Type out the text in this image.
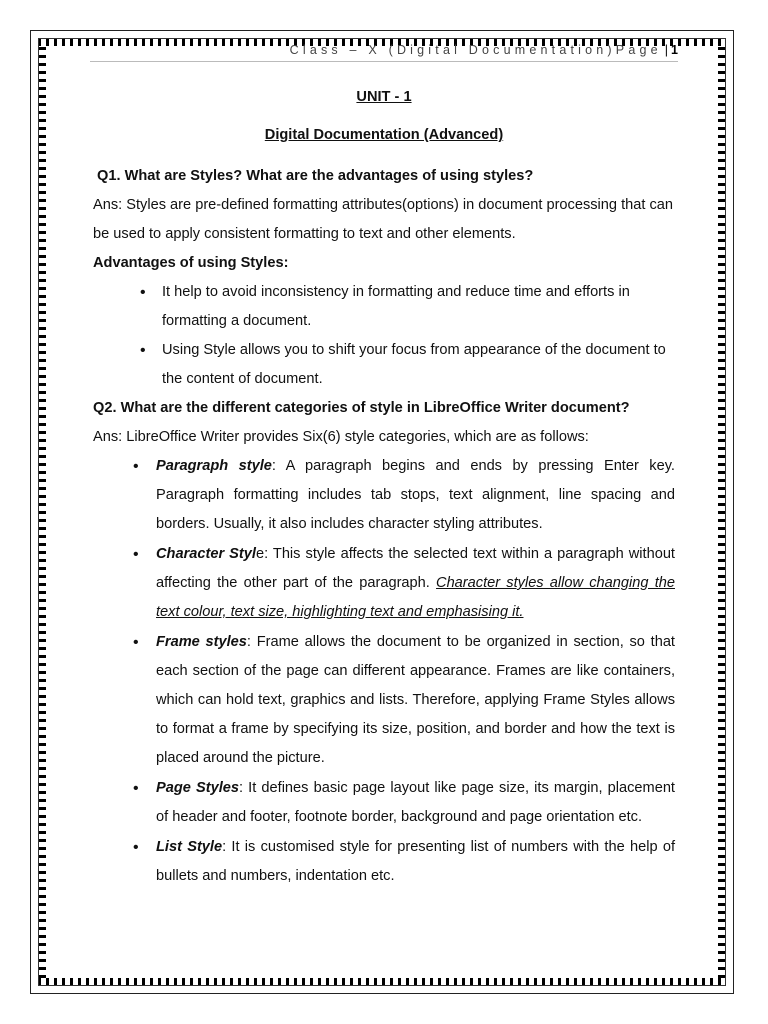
Class – X (Digital Documentation)Page | 1
UNIT - 1
Digital Documentation (Advanced)

Q1. What are Styles? What are the advantages of using styles?

Ans: Styles are pre-defined formatting attributes(options) in document processing that can be used to apply consistent formatting to text and other elements.

Advantages of using Styles:

• It help to avoid inconsistency in formatting and reduce time and efforts in formatting a document.
• Using Style allows you to shift your focus from appearance of the document to the content of document.

Q2. What are the different categories of style in LibreOffice Writer document?

Ans: LibreOffice Writer provides Six(6) style categories, which are as follows:

• Paragraph style: A paragraph begins and ends by pressing Enter key. Paragraph formatting includes tab stops, text alignment, line spacing and borders. Usually, it also includes character styling attributes.
• Character Style: This style affects the selected text within a paragraph without affecting the other part of the paragraph. Character styles allow changing the text colour, text size, highlighting text and emphasising it.
• Frame styles: Frame allows the document to be organized in section, so that each section of the page can different appearance. Frames are like containers, which can hold text, graphics and lists. Therefore, applying Frame Styles allows to format a frame by specifying its size, position, and border and how the text is placed around the picture.
• Page Styles: It defines basic page layout like page size, its margin, placement of header and footer, footnote border, background and page orientation etc.
• List Style: It is customised style for presenting list of numbers with the help of bullets and numbers, indentation etc.
